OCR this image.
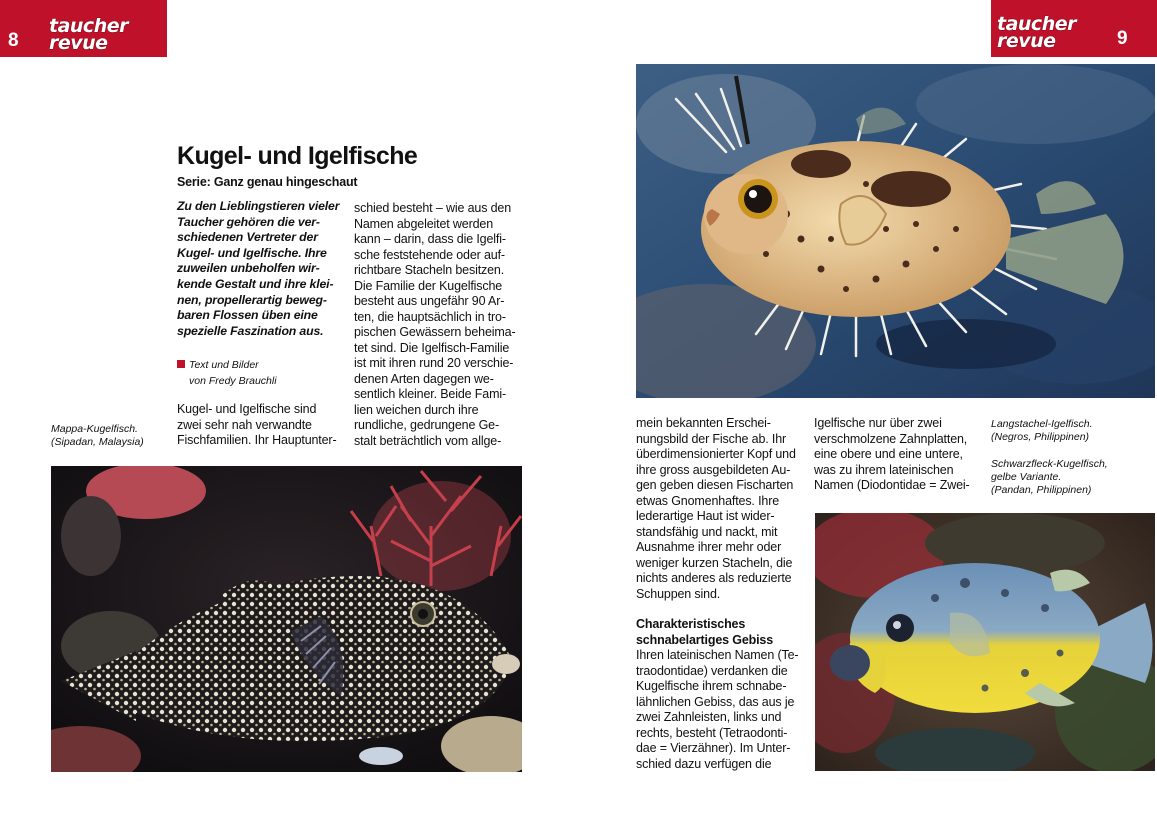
8
taucher
revue
taucher
revue	9
Kugel- und Igelfische
Serie: Ganz genau hingeschaut
Zu den Lieblingstieren vieler
Taucher gehören die ver-
schiedenen Vertreter der
Kugel- und Igelfische. Ihre
zuweilen unbeholfen wir-
kende Gestalt und ihre klei-
nen, propellerartig beweg-
baren Flossen üben eine
spezielle Faszination aus.
Text und Bilder
von Fredy Brauchli
Kugel- und Igelfische sind
zwei sehr nah verwandte
Fischfamilien. Ihr Hauptunter-
schied besteht – wie aus den
Namen abgeleitet werden
kann – darin, dass die Igelfi-
sche feststehende oder auf-
richtbare Stacheln besitzen.
Die Familie der Kugelfische
besteht aus ungefähr 90 Ar-
ten, die hauptsächlich in tro-
pischen Gewässern beheima-
tet sind. Die Igelfisch-Familie
ist mit ihren rund 20 verschie-
denen Arten dagegen we-
sentlich kleiner. Beide Fami-
lien weichen durch ihre
rundliche, gedrungene Ge-
stalt beträchtlich vom allge-
Mappa-Kugelfisch.
(Sipadan, Malaysia)
mein bekannten Erschei-
nungsbild der Fische ab. Ihr
überdimensionierter Kopf und
ihre gross ausgebildeten Au-
gen geben diesen Fischarten
etwas Gnomenhaftes. Ihre
lederartige Haut ist wider-
standsfähig und nackt, mit
Ausnahme ihrer mehr oder
weniger kurzen Stacheln, die
nichts anderes als reduzierte
Schuppen sind.
Charakteristisches
schnabelartiges Gebiss
Ihren lateinischen Namen (Te-
traodontidae) verdanken die
Kugelfische ihrem schnabe-
lähnlichen Gebiss, das aus je
zwei Zahnleisten, links und
rechts, besteht (Tetraodonti-
dae = Vierzähner). Im Unter-
schied dazu verfügen die
Igelfische nur über zwei
verschmolzene Zahnplatten,
eine obere und eine untere,
was zu ihrem lateinischen
Namen (Diodontidae = Zwei-
Langstachel-Igelfisch.
(Negros, Philippinen)
Schwarzfleck-Kugelfisch,
gelbe Variante.
(Pandan, Philippinen)
